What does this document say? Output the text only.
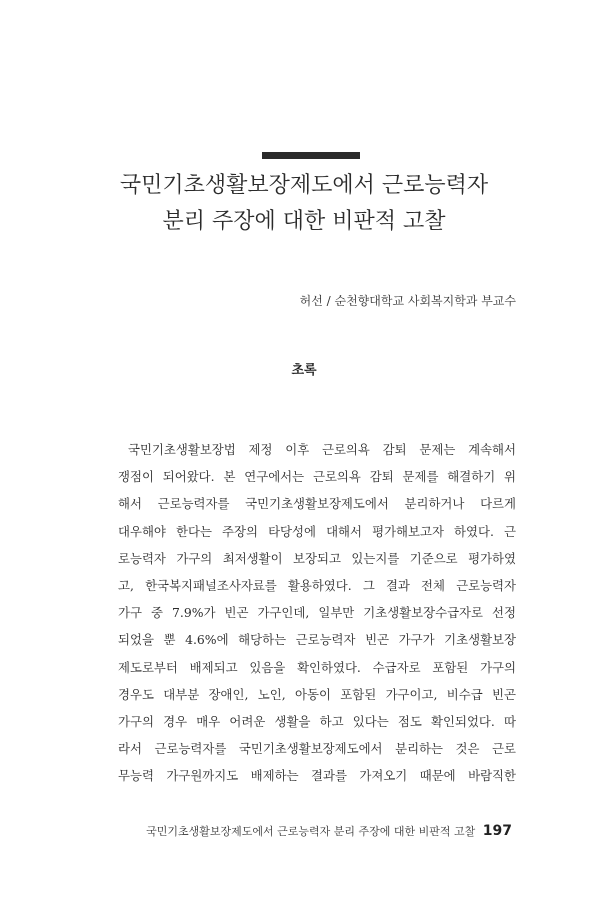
국민기초생활보장제도에서 근로능력자
분리 주장에 대한 비판적 고찰
허선 / 순천향대학교 사회복지학과 부교수
초록
국민기초생활보장법 제정 이후 근로의욕 감퇴 문제는 계속해서
쟁점이 되어왔다. 본 연구에서는 근로의욕 감퇴 문제를 해결하기 위
해서 근로능력자를 국민기초생활보장제도에서 분리하거나 다르게
대우해야 한다는 주장의 타당성에 대해서 평가해보고자 하였다. 근
로능력자 가구의 최저생활이 보장되고 있는지를 기준으로 평가하였
고, 한국복지패널조사자료를 활용하였다. 그 결과 전체 근로능력자
가구 중 7.9%가 빈곤 가구인데, 일부만 기초생활보장수급자로 선정
되었을 뿐 4.6%에 해당하는 근로능력자 빈곤 가구가 기초생활보장
제도로부터 배제되고 있음을 확인하였다. 수급자로 포함된 가구의
경우도 대부분 장애인, 노인, 아동이 포함된 가구이고, 비수급 빈곤
가구의 경우 매우 어려운 생활을 하고 있다는 점도 확인되었다. 따
라서 근로능력자를 국민기초생활보장제도에서 분리하는 것은 근로
무능력 가구원까지도 배제하는 결과를 가져오기 때문에 바람직한
국민기초생활보장제도에서 근로능력자 분리 주장에 대한 비판적 고찰 197
